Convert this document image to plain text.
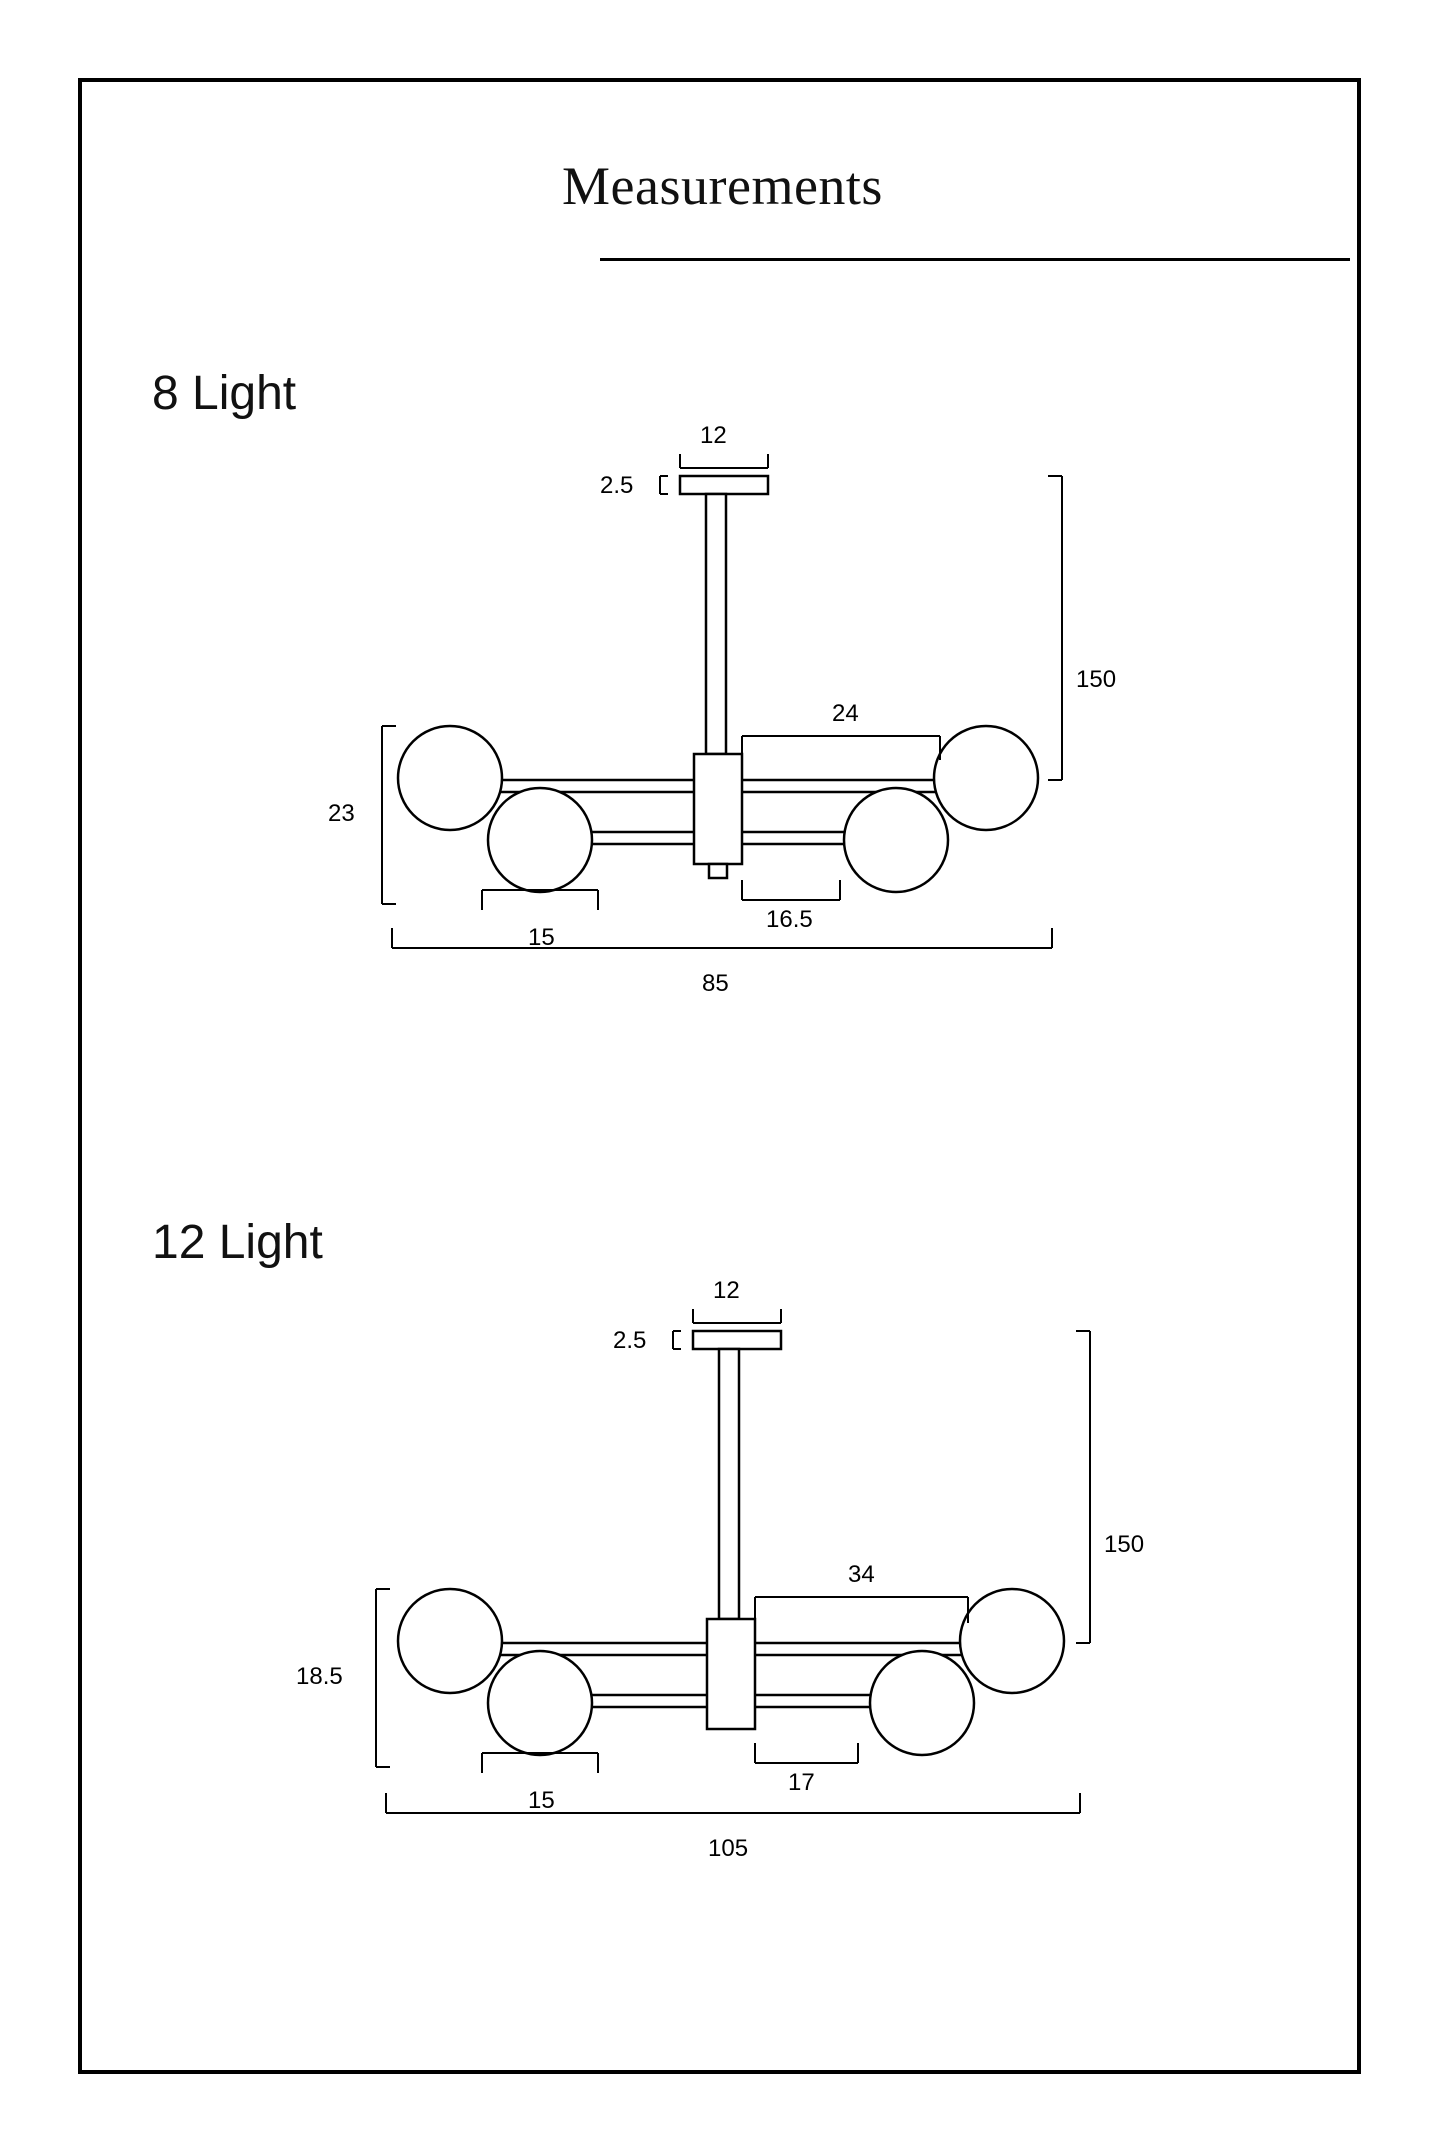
Measurements
8 Light
12
2.5
150
24
16.5
15
23
85
12 Light
12
2.5
150
34
17
15
18.5
105
